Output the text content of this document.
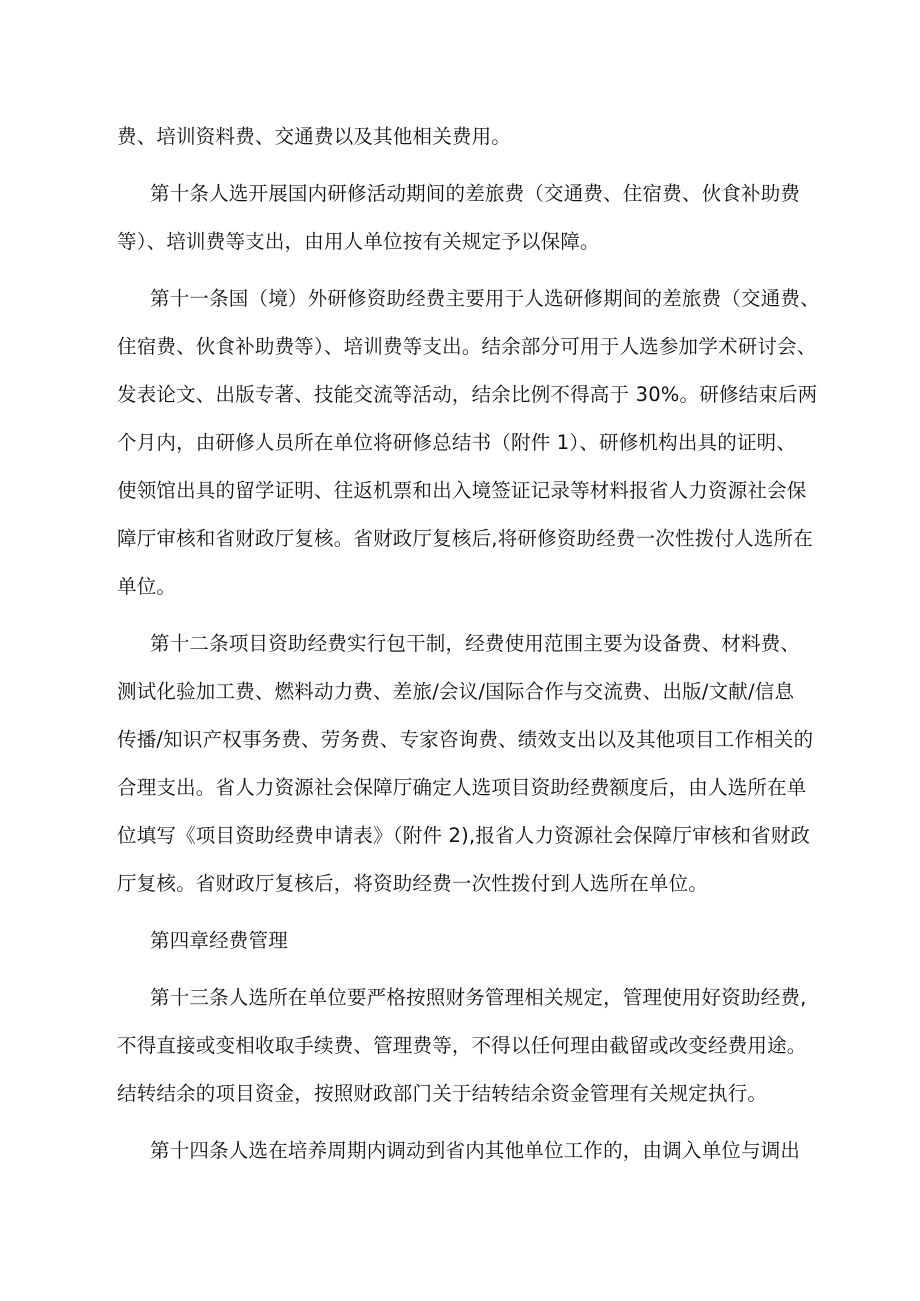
费、培训资料费、交通费以及其他相关费用。
第十条人选开展国内研修活动期间的差旅费（交通费、住宿费、伙食补助费
等）、培训费等支出，由用人单位按有关规定予以保障。
第十一条国（境）外研修资助经费主要用于人选研修期间的差旅费（交通费、
住宿费、伙食补助费等）、培训费等支出。结余部分可用于人选参加学术研讨会、
发表论文、出版专著、技能交流等活动，结余比例不得高于 30%。研修结束后两
个月内，由研修人员所在单位将研修总结书（附件 1）、研修机构出具的证明、
使领馆出具的留学证明、往返机票和出入境签证记录等材料报省人力资源社会保
障厅审核和省财政厅复核。省财政厅复核后,将研修资助经费一次性拨付人选所在
单位。
第十二条项目资助经费实行包干制，经费使用范围主要为设备费、材料费、
测试化验加工费、燃料动力费、差旅/会议/国际合作与交流费、出版/文献/信息
传播/知识产权事务费、劳务费、专家咨询费、绩效支出以及其他项目工作相关的
合理支出。省人力资源社会保障厅确定人选项目资助经费额度后，由人选所在单
位填写《项目资助经费申请表》（附件 2),报省人力资源社会保障厅审核和省财政
厅复核。省财政厅复核后，将资助经费一次性拨付到人选所在单位。
第四章经费管理
第十三条人选所在单位要严格按照财务管理相关规定，管理使用好资助经费,
不得直接或变相收取手续费、管理费等，不得以任何理由截留或改变经费用途。
结转结余的项目资金，按照财政部门关于结转结余资金管理有关规定执行。
第十四条人选在培养周期内调动到省内其他单位工作的，由调入单位与调出
